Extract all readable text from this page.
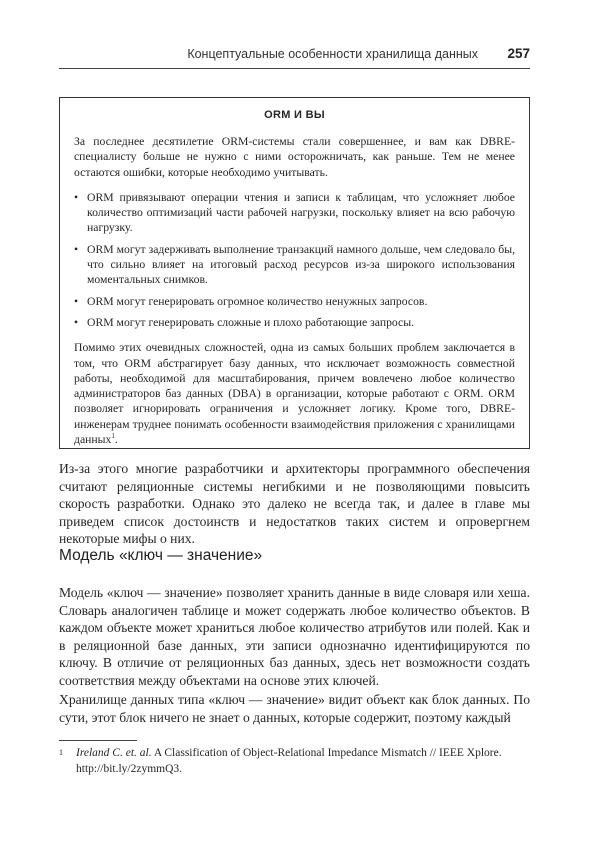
Концептуальные особенности хранилища данных 257
ORM И ВЫ

За последнее десятилетие ORM-системы стали совершеннее, и вам как DBRE-специалисту больше не нужно с ними осторожничать, как раньше. Тем не менее остаются ошибки, которые необходимо учитывать.

• ORM привязывают операции чтения и записи к таблицам, что усложняет любое количество оптимизаций части рабочей нагрузки, поскольку влияет на всю рабочую нагрузку.
• ORM могут задерживать выполнение транзакций намного дольше, чем следовало бы, что сильно влияет на итоговый расход ресурсов из-за широкого использования моментальных снимков.
• ORM могут генерировать огромное количество ненужных запросов.
• ORM могут генерировать сложные и плохо работающие запросы.

Помимо этих очевидных сложностей, одна из самых больших проблем заключается в том, что ORM абстрагирует базу данных, что исключает возможность совместной работы, необходимой для масштабирования, причем вовлечено любое количество администраторов баз данных (DBA) в организации, которые работают с ORM. ORM позволяет игнорировать ограничения и усложняет логику. Кроме того, DBRE-инженерам труднее понимать особенности взаимодействия приложения с хранилищами данных$^1$.

Из-за этого многие разработчики и архитекторы программного обеспечения считают реляционные системы негибкими и не позволяющими повысить скорость разработки. Однако это далеко не всегда так, и далее в главе мы приведем список достоинств и недостатков таких систем и опровергнем некоторые мифы о них.

Модель «ключ — значение»

Модель «ключ — значение» позволяет хранить данные в виде словаря или хеша. Словарь аналогичен таблице и может содержать любое количество объектов. В каждом объекте может храниться любое количество атрибутов или полей. Как и в реляционной базе данных, эти записи однозначно идентифицируются по ключу. В отличие от реляционных баз данных, здесь нет возможности создать соответствия между объектами на основе этих ключей.

Хранилище данных типа «ключ — значение» видит объект как блок данных. По сути, этот блок ничего не знает о данных, которые содержит, поэтому каждый

1 Ireland C. et. al. A Classification of Object-Relational Impedance Mismatch // IEEE Xplore.
http://bit.ly/2zymmQ3.
